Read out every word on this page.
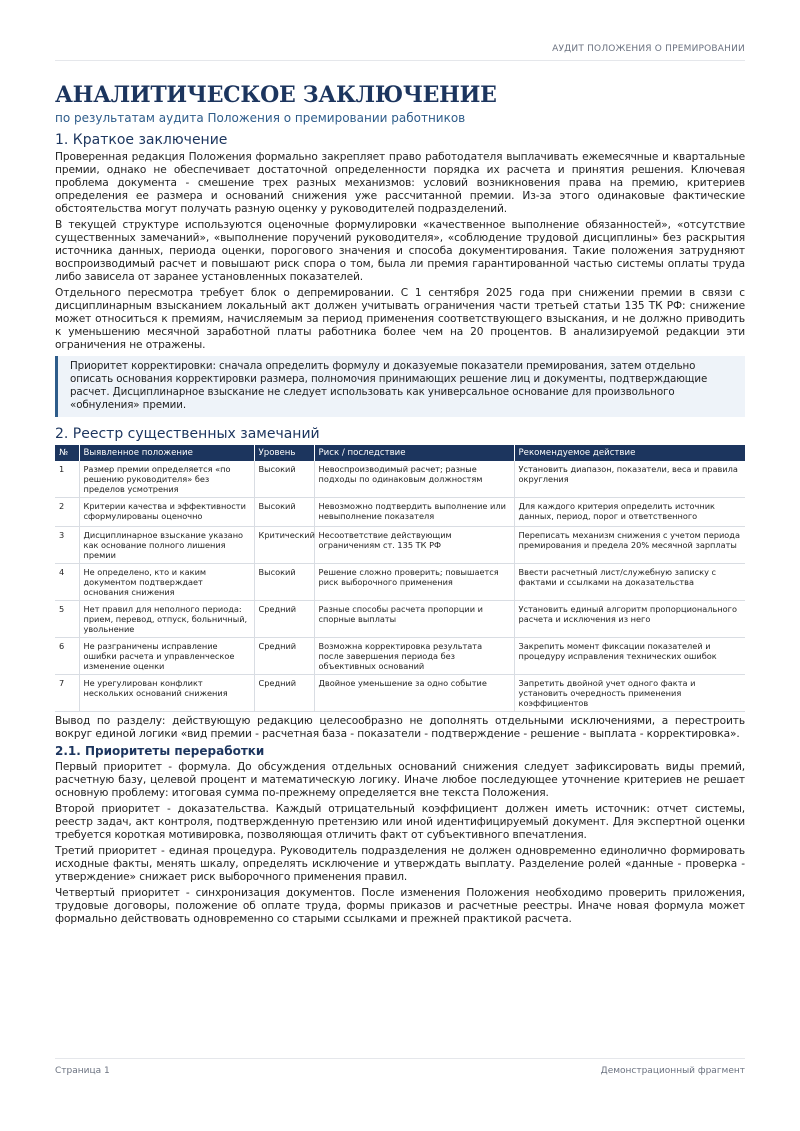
АУДИТ ПОЛОЖЕНИЯ О ПРЕМИРОВАНИИ
АНАЛИТИЧЕСКОЕ ЗАКЛЮЧЕНИЕ
по результатам аудита Положения о премировании работников
1. Краткое заключение

Проверенная редакция Положения формально закрепляет право работодателя выплачивать ежемесячные и квартальные премии, однако не обеспечивает достаточной определенности порядка их расчета и принятия решения. Ключевая проблема документа - смешение трех разных механизмов: условий возникновения права на премию, критериев определения ее размера и оснований снижения уже рассчитанной премии. Из-за этого одинаковые фактические обстоятельства могут получать разную оценку у руководителей подразделений.

В текущей структуре используются оценочные формулировки «качественное выполнение обязанностей», «отсутствие существенных замечаний», «выполнение поручений руководителя», «соблюдение трудовой дисциплины» без раскрытия источника данных, периода оценки, порогового значения и способа документирования. Такие положения затрудняют воспроизводимый расчет и повышают риск спора о том, была ли премия гарантированной частью системы оплаты труда либо зависела от заранее установленных показателей.

Отдельного пересмотра требует блок о депремировании. С 1 сентября 2025 года при снижении премии в связи с дисциплинарным взысканием локальный акт должен учитывать ограничения части третьей статьи 135 ТК РФ: снижение может относиться к премиям, начисляемым за период применения соответствующего взыскания, и не должно приводить к уменьшению месячной заработной платы работника более чем на 20 процентов. В анализируемой редакции эти ограничения не отражены.

Приоритет корректировки: сначала определить формулу и доказуемые показатели премирования, затем отдельно описать основания корректировки размера, полномочия принимающих решение лиц и документы, подтверждающие расчет. Дисциплинарное взыскание не следует использовать как универсальное основание для произвольного «обнуления» премии.

2. Реестр существенных замечаний
№	Выявленное положение	Уровень	Риск / последствие	Рекомендуемое действие
1	Размер премии определяется «по решению руководителя» без пределов усмотрения	Высокий	Невоспроизводимый расчет; разные подходы по одинаковым должностям	Установить диапазон, показатели, веса и правила округления
2	Критерии качества и эффективности сформулированы оценочно	Высокий	Невозможно подтвердить выполнение или невыполнение показателя	Для каждого критерия определить источник данных, период, порог и ответственного
3	Дисциплинарное взыскание указано как основание полного лишения премии	Критический	Несоответствие действующим ограничениям ст. 135 ТК РФ	Переписать механизм снижения с учетом периода премирования и предела 20% месячной зарплаты
4	Не определено, кто и каким документом подтверждает основания снижения	Высокий	Решение сложно проверить; повышается риск выборочного применения	Ввести расчетный лист/служебную записку с фактами и ссылками на доказательства
5	Нет правил для неполного периода: прием, перевод, отпуск, больничный, увольнение	Средний	Разные способы расчета пропорции и спорные выплаты	Установить единый алгоритм пропорционального расчета и исключения из него
6	Не разграничены исправление ошибки расчета и управленческое изменение оценки	Средний	Возможна корректировка результата после завершения периода без объективных оснований	Закрепить момент фиксации показателей и процедуру исправления технических ошибок
7	Не урегулирован конфликт нескольких оснований снижения	Средний	Двойное уменьшение за одно событие	Запретить двойной учет одного факта и установить очередность применения коэффициентов

Вывод по разделу: действующую редакцию целесообразно не дополнять отдельными исключениями, а перестроить вокруг единой логики «вид премии - расчетная база - показатели - подтверждение - решение - выплата - корректировка».

2.1. Приоритеты переработки

Первый приоритет - формула. До обсуждения отдельных оснований снижения следует зафиксировать виды премий, расчетную базу, целевой процент и математическую логику. Иначе любое последующее уточнение критериев не решает основную проблему: итоговая сумма по-прежнему определяется вне текста Положения.

Второй приоритет - доказательства. Каждый отрицательный коэффициент должен иметь источник: отчет системы, реестр задач, акт контроля, подтвержденную претензию или иной идентифицируемый документ. Для экспертной оценки требуется короткая мотивировка, позволяющая отличить факт от субъективного впечатления.

Третий приоритет - единая процедура. Руководитель подразделения не должен одновременно единолично формировать исходные факты, менять шкалу, определять исключение и утверждать выплату. Разделение ролей «данные - проверка - утверждение» снижает риск выборочного применения правил.

Четвертый приоритет - синхронизация документов. После изменения Положения необходимо проверить приложения, трудовые договоры, положение об оплате труда, формы приказов и расчетные реестры. Иначе новая формула может формально действовать одновременно со старыми ссылками и прежней практикой расчета.

Страница 1	Демонстрационный фрагмент
